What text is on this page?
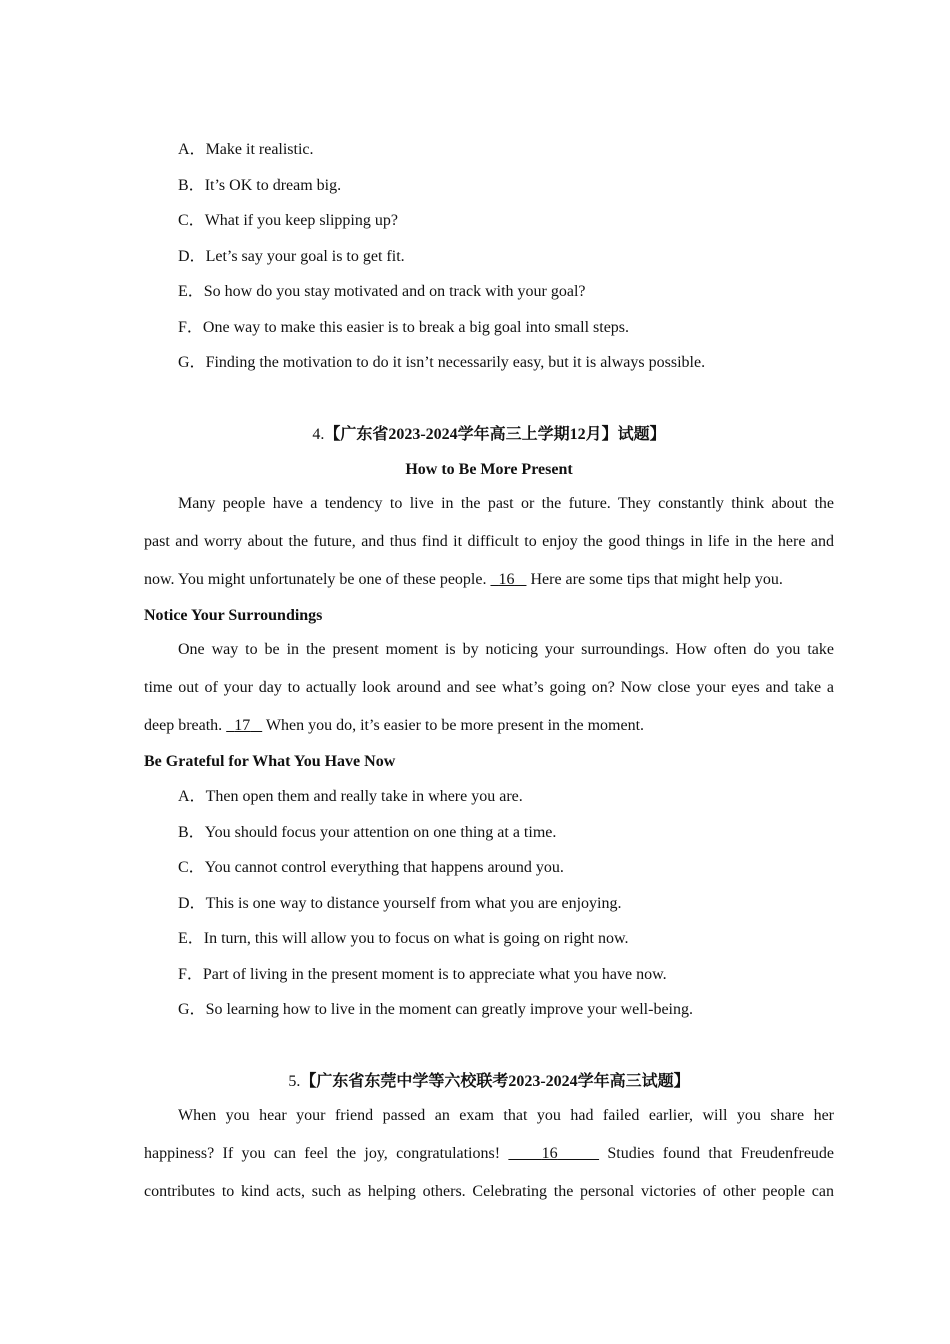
A．Make it realistic.
B．It’s OK to dream big.
C．What if you keep slipping up?
D．Let’s say your goal is to get fit.
E．So how do you stay motivated and on track with your goal?
F．One way to make this easier is to break a big goal into small steps.
G．Finding the motivation to do it isn’t necessarily easy, but it is always possible.
4.【广东省2023-2024学年高三上学期12月】试题】
How to Be More Present
Many people have a tendency to live in the past or the future. They constantly think about the
past and worry about the future, and thus find it difficult to enjoy the good things in life in the here and
now. You might unfortunately be one of these people. 16 Here are some tips that might help you.
Notice Your Surroundings
One way to be in the present moment is by noticing your surroundings. How often do you take
time out of your day to actually look around and see what’s going on? Now close your eyes and take a
deep breath. 17 When you do, it’s easier to be more present in the moment.
Be Grateful for What You Have Now
A．Then open them and really take in where you are.
B．You should focus your attention on one thing at a time.
C．You cannot control everything that happens around you.
D．This is one way to distance yourself from what you are enjoying.
E．In turn, this will allow you to focus on what is going on right now.
F．Part of living in the present moment is to appreciate what you have now.
G．So learning how to live in the moment can greatly improve your well-being.
5.【广东省东莞中学等六校联考2023-2024学年高三试题】
When you hear your friend passed an exam that you had failed earlier, will you share her
happiness? If you can feel the joy, congratulations!	16	Studies found that Freudenfreude
contributes to kind acts, such as helping others. Celebrating the personal victories of other people can
